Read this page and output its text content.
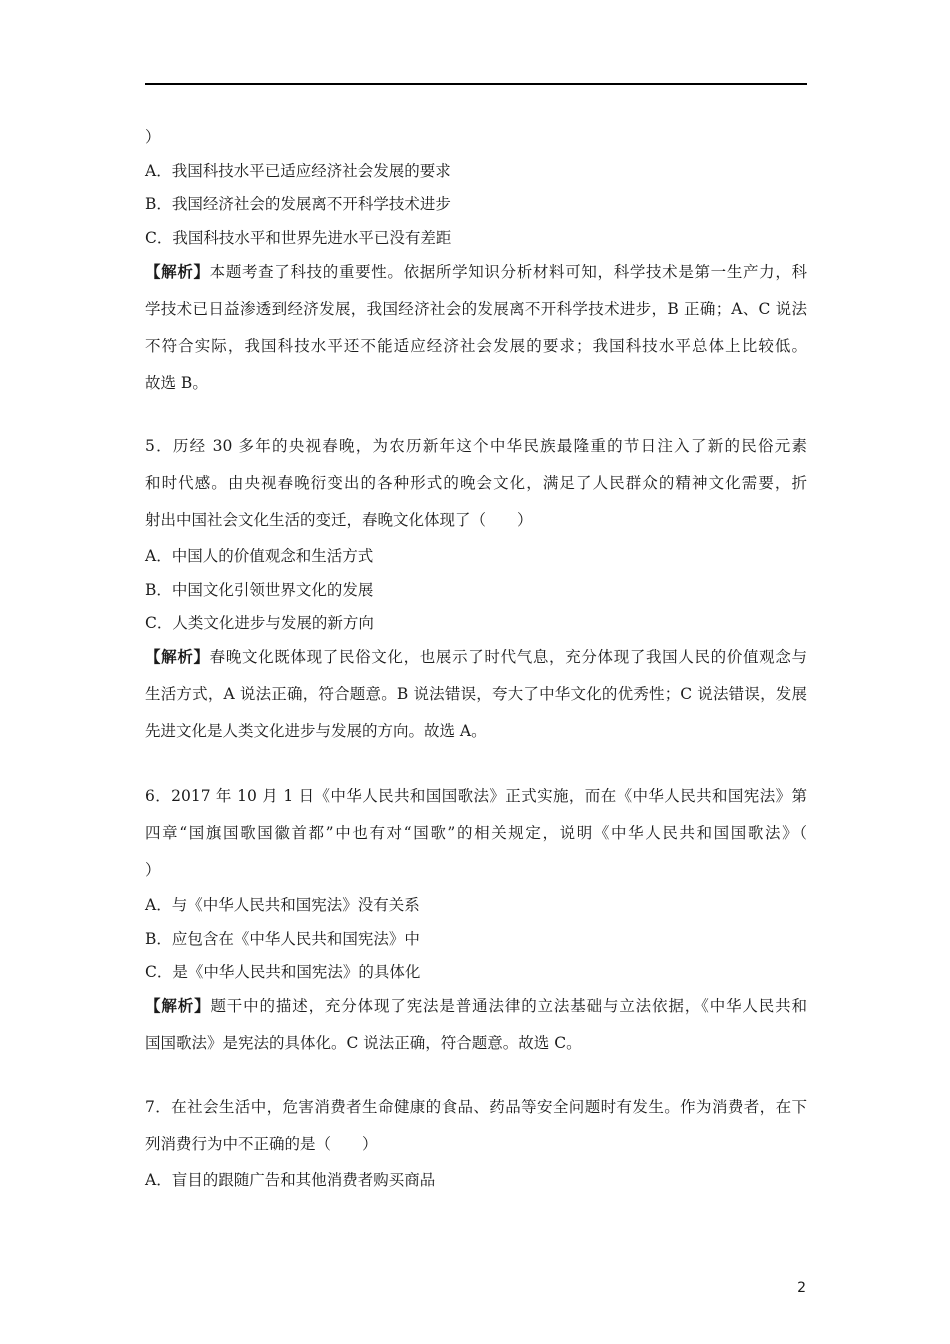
）
A．我国科技水平已适应经济社会发展的要求
B．我国经济社会的发展离不开科学技术进步
C．我国科技水平和世界先进水平已没有差距
【解析】本题考查了科技的重要性。依据所学知识分析材料可知，科学技术是第一生产力，科
学技术已日益渗透到经济发展，我国经济社会的发展离不开科学技术进步，B 正确；A、C 说法
不符合实际，我国科技水平还不能适应经济社会发展的要求；我国科技水平总体上比较低。
故选 B。
5．历经 30 多年的央视春晚，为农历新年这个中华民族最隆重的节日注入了新的民俗元素
和时代感。由央视春晚衍变出的各种形式的晚会文化，满足了人民群众的精神文化需要，折
射出中国社会文化生活的变迁，春晚文化体现了（　　）
A．中国人的价值观念和生活方式
B．中国文化引领世界文化的发展
C．人类文化进步与发展的新方向
【解析】春晚文化既体现了民俗文化，也展示了时代气息，充分体现了我国人民的价值观念与
生活方式，A 说法正确，符合题意。B 说法错误，夸大了中华文化的优秀性；C 说法错误，发展
先进文化是人类文化进步与发展的方向。故选 A。
6．2017 年 10 月 1 日《中华人民共和国国歌法》正式实施，而在《中华人民共和国宪法》第
四章“国旗国歌国徽首都”中也有对“国歌”的相关规定，说明《中华人民共和国国歌法》（
）
A．与《中华人民共和国宪法》没有关系
B．应包含在《中华人民共和国宪法》中
C．是《中华人民共和国宪法》的具体化
【解析】题干中的描述，充分体现了宪法是普通法律的立法基础与立法依据，《中华人民共和
国国歌法》是宪法的具体化。C 说法正确，符合题意。故选 C。
7．在社会生活中，危害消费者生命健康的食品、药品等安全问题时有发生。作为消费者，在下
列消费行为中不正确的是（　　）
A．盲目的跟随广告和其他消费者购买商品
2
